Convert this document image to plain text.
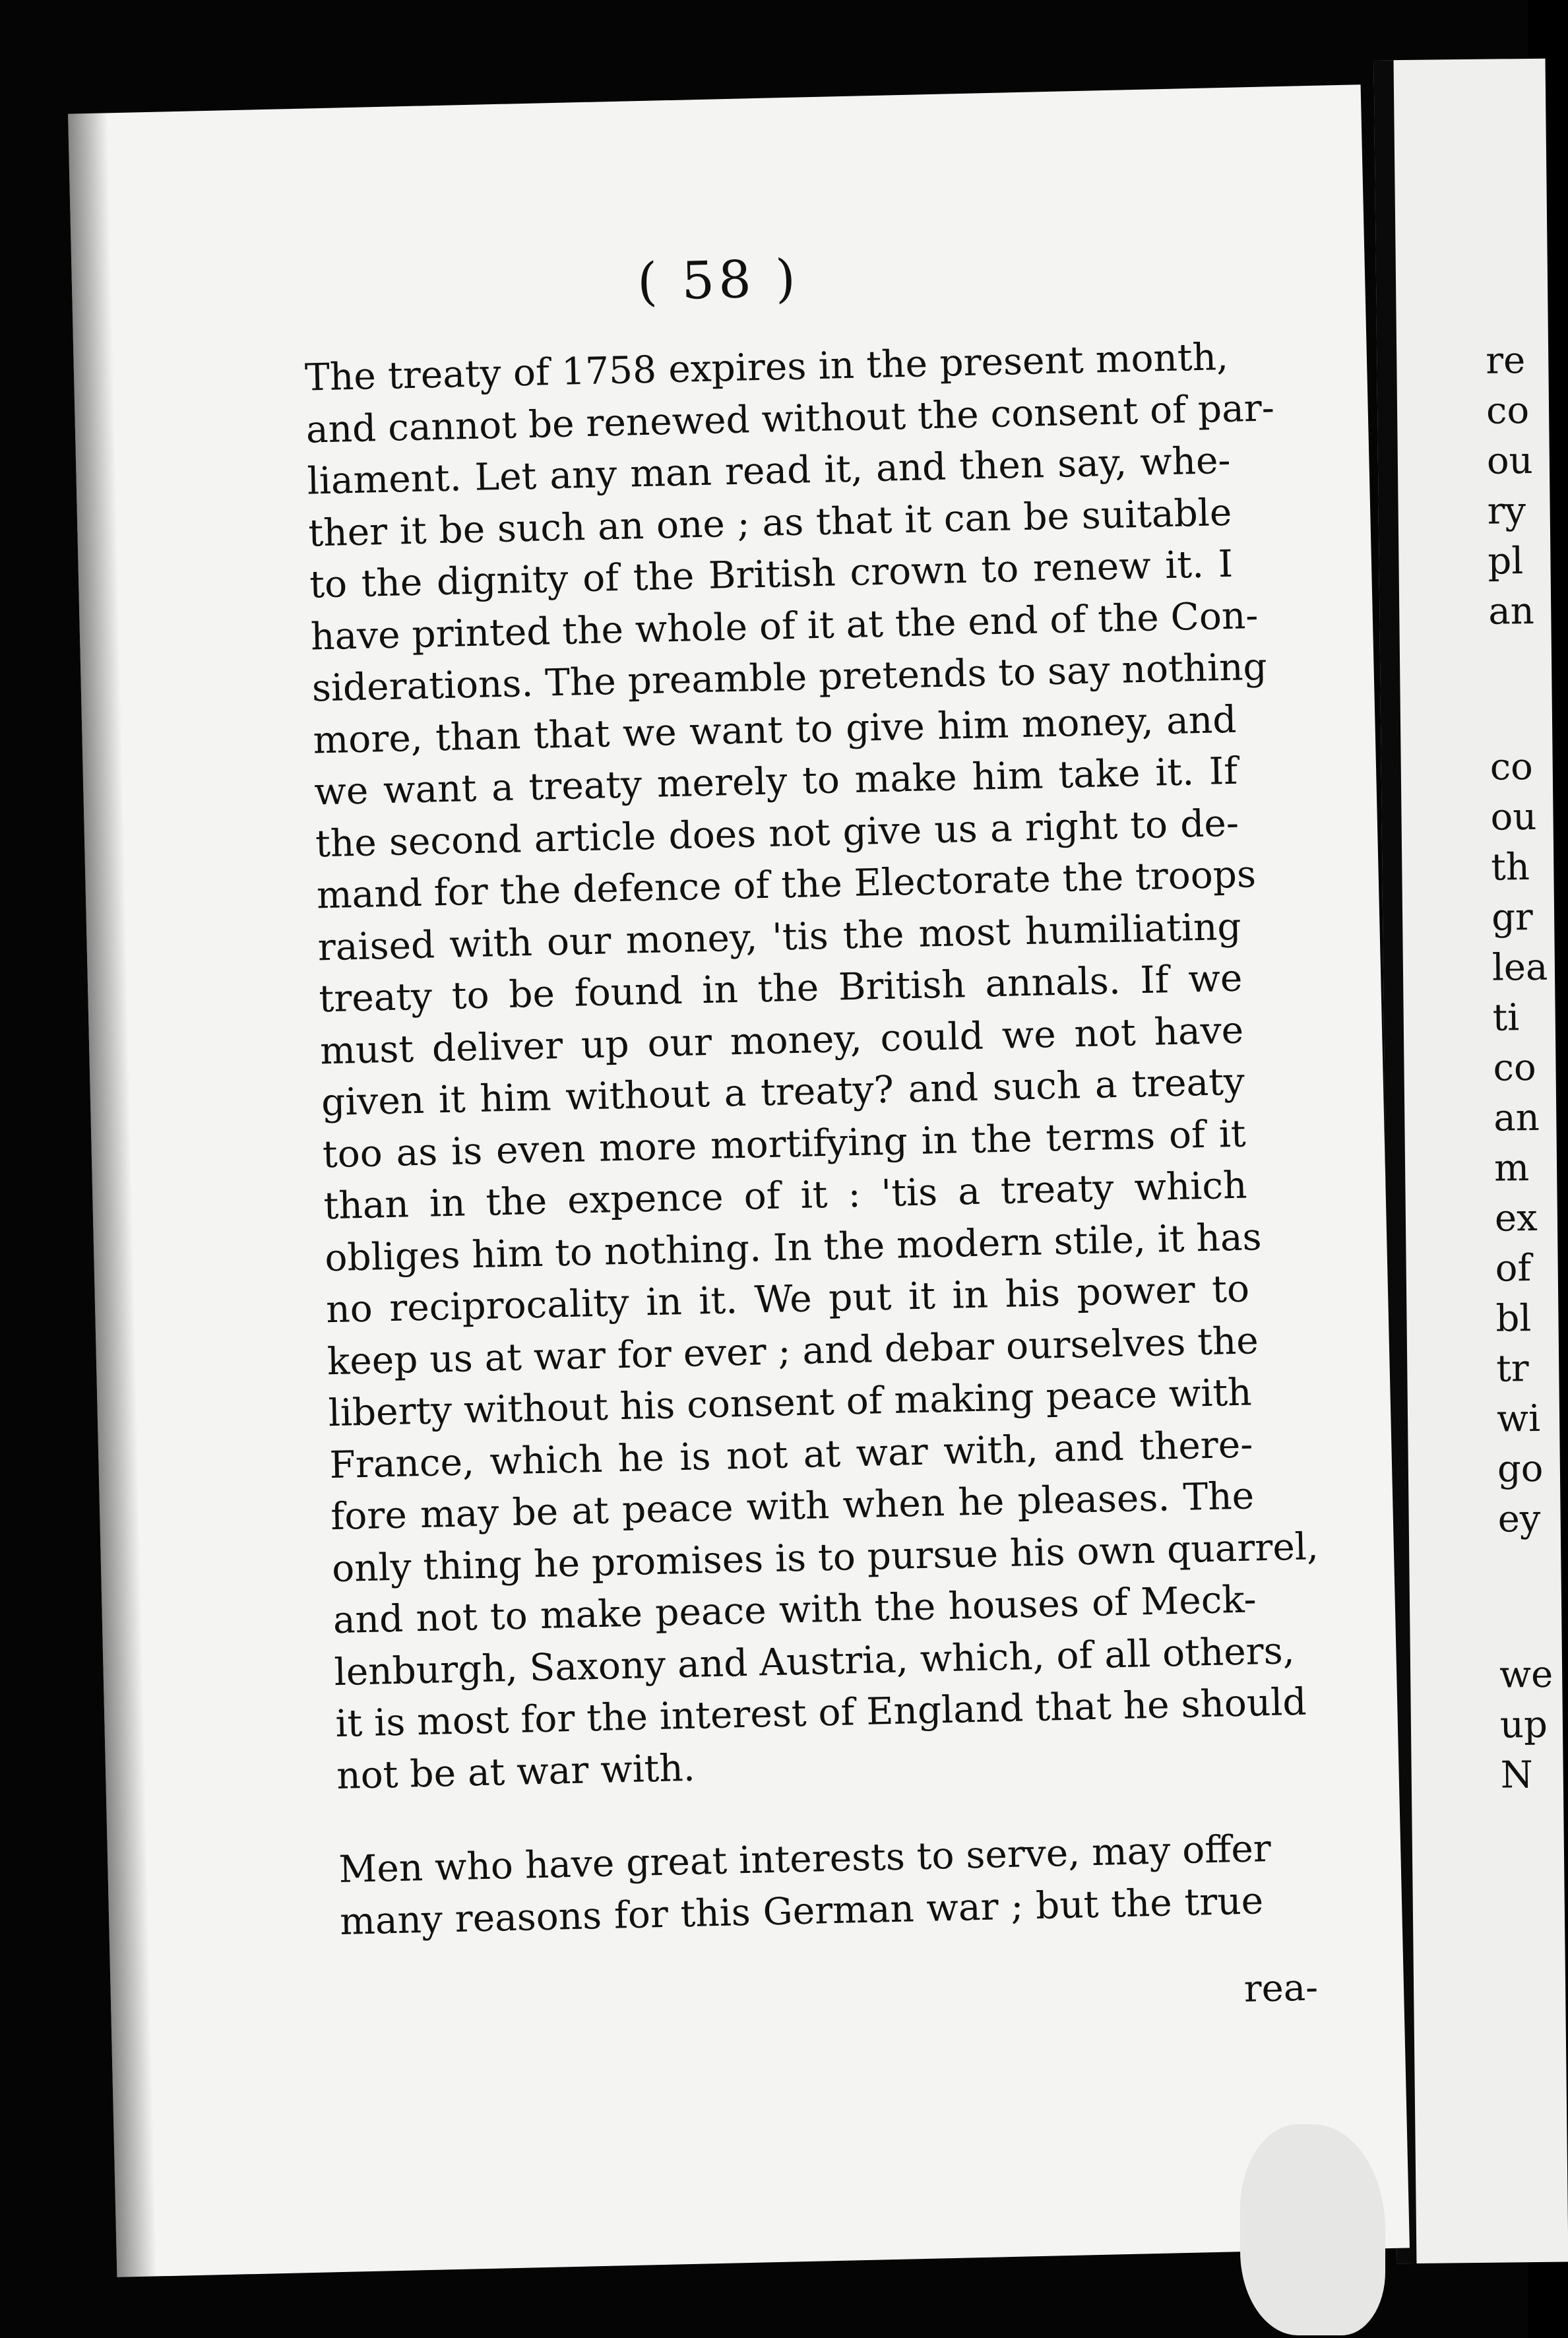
re
co
ou
ry
pl
an
co
ou
th
gr
lea
ti
co
an
m
ex
of
bl
tr
wi
go
ey
we
up
N
( 58 )
The treaty of 1758 expires in the present month,
and cannot be renewed without the consent of par-
liament. Let any man read it, and then say, whe-
ther it be such an one ; as that it can be suitable
to the dignity of the British crown to renew it. I
have printed the whole of it at the end of the Con-
siderations. The preamble pretends to say nothing
more, than that we want to give him money, and
we want a treaty merely to make him take it. If
the second article does not give us a right to de-
mand for the defence of the Electorate the troops
raised with our money, 'tis the most humiliating
treaty to be found in the British annals. If we
must deliver up our money, could we not have
given it him without a treaty? and such a treaty
too as is even more mortifying in the terms of it
than in the expence of it : 'tis a treaty which
obliges him to nothing. In the modern stile, it has
no reciprocality in it. We put it in his power to
keep us at war for ever ; and debar ourselves the
liberty without his consent of making peace with
France, which he is not at war with, and there-
fore may be at peace with when he pleases. The
only thing he promises is to pursue his own quarrel,
and not to make peace with the houses of Meck-
lenburgh, Saxony and Austria, which, of all others,
it is most for the interest of England that he should
not be at war with.
Men who have great interests to serve, may offer
many reasons for this German war ; but the true
rea-
